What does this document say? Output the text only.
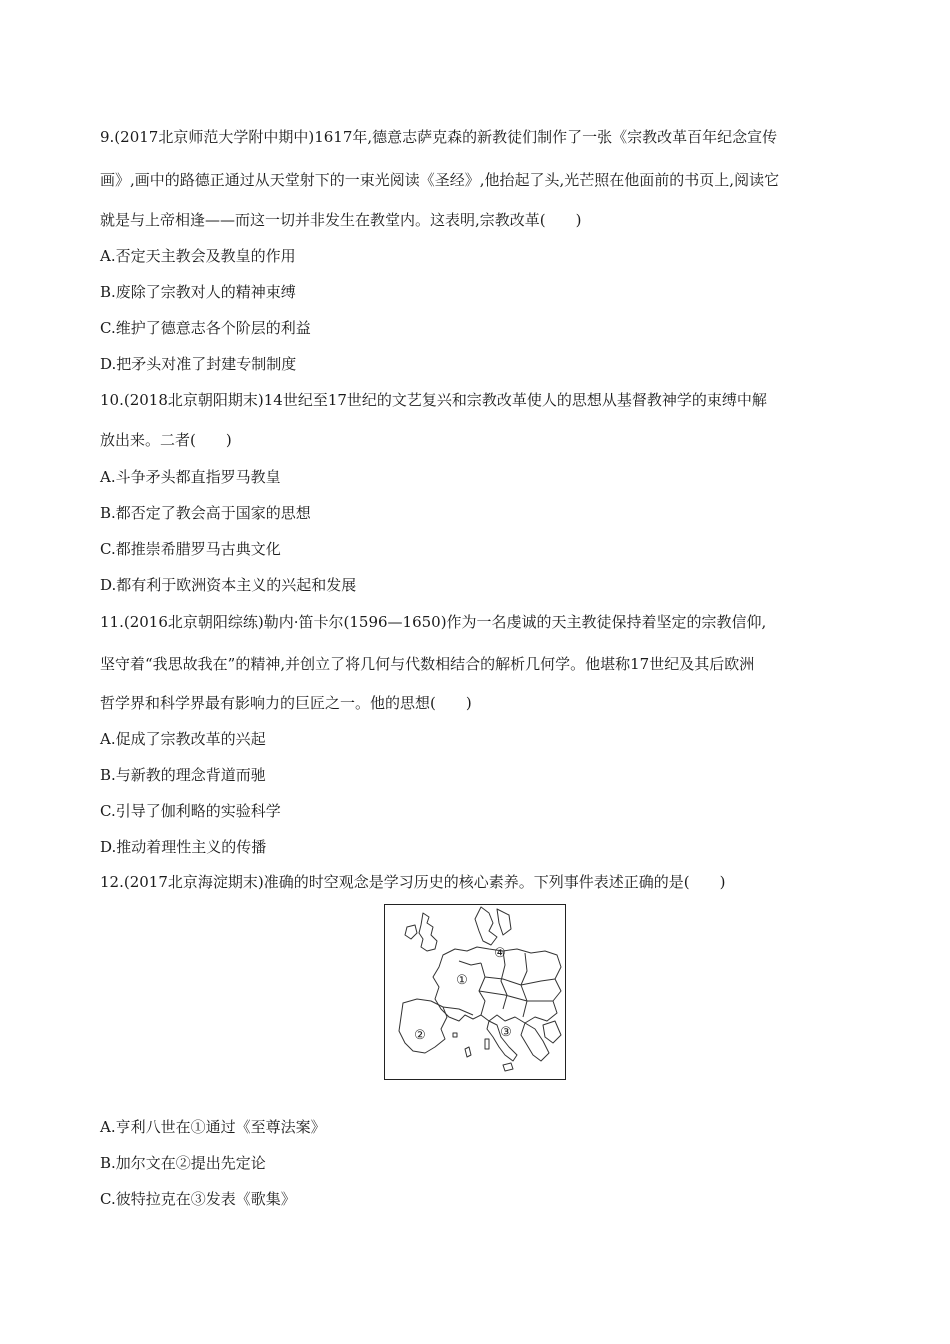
9.(2017北京师范大学附中期中)1617年,德意志萨克森的新教徒们制作了一张《宗教改革百年纪念宣传
画》,画中的路德正通过从天堂射下的一束光阅读《圣经》,他抬起了头,光芒照在他面前的书页上,阅读它
就是与上帝相逢——而这一切并非发生在教堂内。这表明,宗教改革(　　)
A.否定天主教会及教皇的作用
B.废除了宗教对人的精神束缚
C.维护了德意志各个阶层的利益
D.把矛头对准了封建专制制度
10.(2018北京朝阳期末)14世纪至17世纪的文艺复兴和宗教改革使人的思想从基督教神学的束缚中解
放出来。二者(　　)
A.斗争矛头都直指罗马教皇
B.都否定了教会高于国家的思想
C.都推崇希腊罗马古典文化
D.都有利于欧洲资本主义的兴起和发展
11.(2016北京朝阳综练)勒内·笛卡尔(1596—1650)作为一名虔诚的天主教徒保持着坚定的宗教信仰,
坚守着“我思故我在”的精神,并创立了将几何与代数相结合的解析几何学。他堪称17世纪及其后欧洲
哲学界和科学界最有影响力的巨匠之一。他的思想(　　)
A.促成了宗教改革的兴起
B.与新教的理念背道而驰
C.引导了伽利略的实验科学
D.推动着理性主义的传播
12.(2017北京海淀期末)准确的时空观念是学习历史的核心素养。下列事件表述正确的是(　　)
①
②	③
④
A.亨利八世在①通过《至尊法案》
B.加尔文在②提出先定论
C.彼特拉克在③发表《歌集》
